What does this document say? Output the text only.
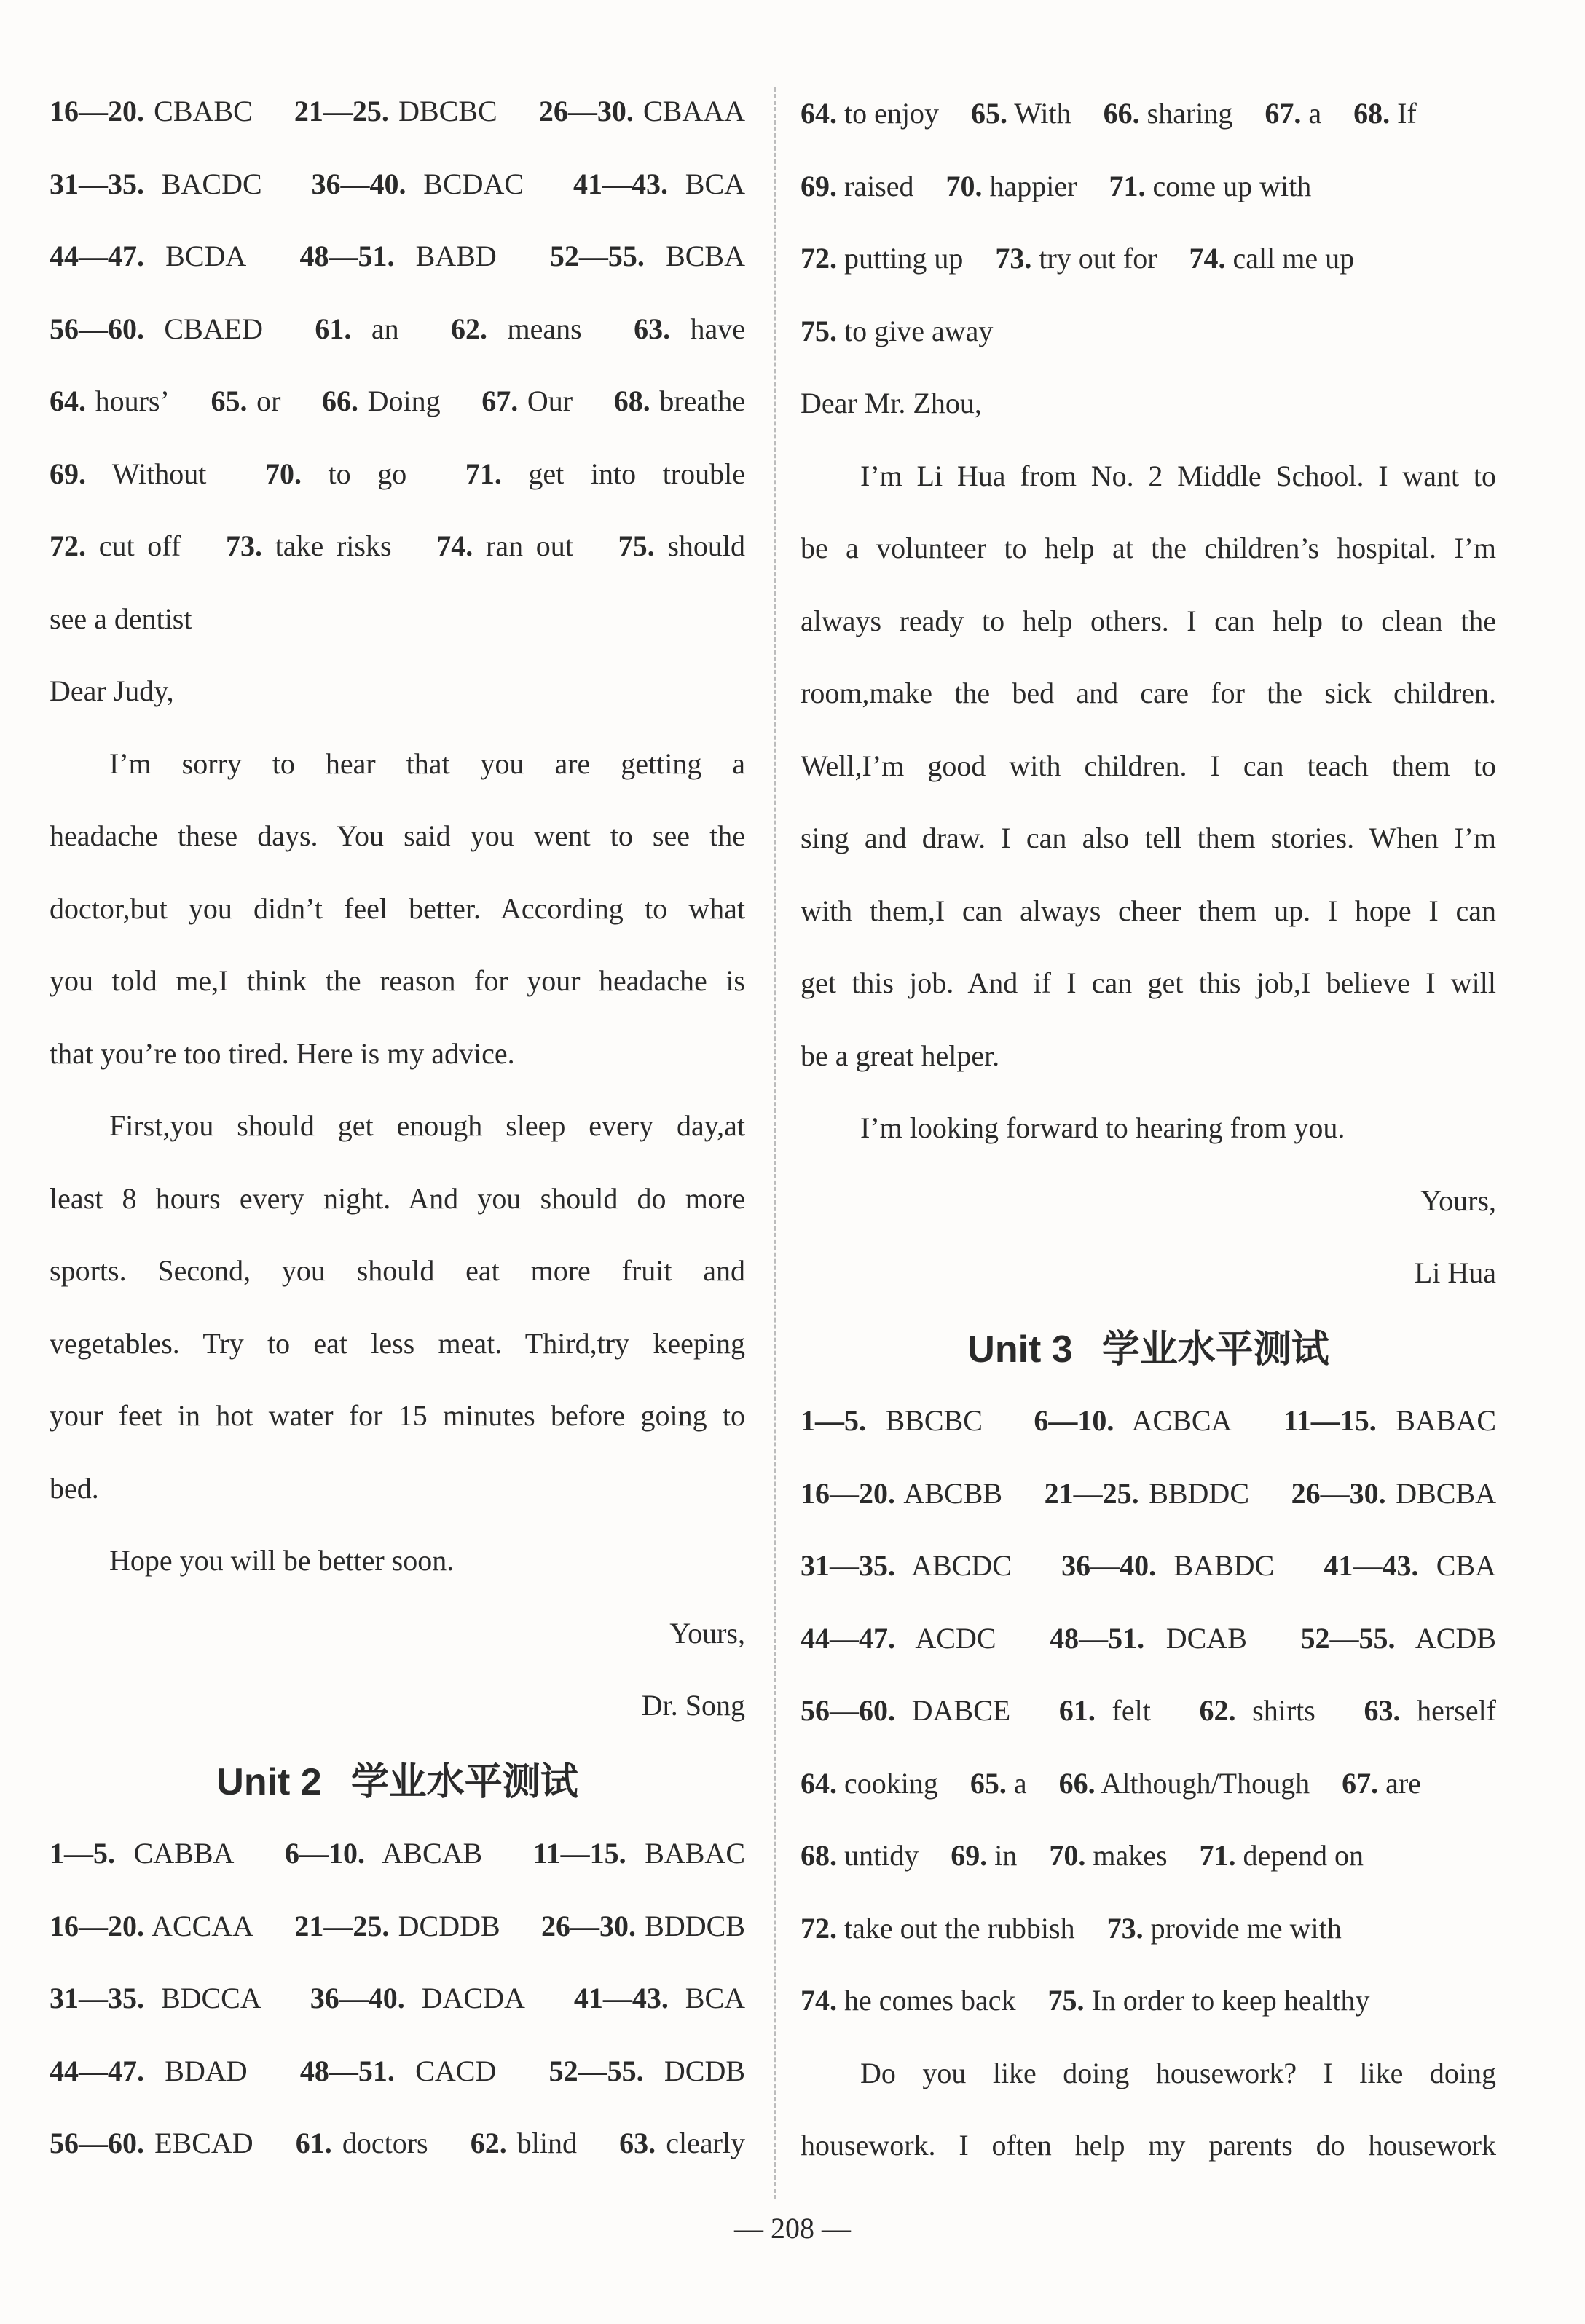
16—20. CBABC 21—25. DBCBC 26—30. CBAAA
31—35. BACDC 36—40. BCDAC 41—43. BCA
44—47. BCDA 48—51. BABD 52—55. BCBA
56—60. CBAED 61. an 62. means 63. have
64. hours’ 65. or 66. Doing 67. Our 68. breathe
69. Without 70. to go 71. get into trouble
72. cut off 73. take risks 74. ran out 75. should
see a dentist
Dear Judy,
I’m sorry to hear that you are getting a
headache these days. You said you went to see the
doctor,but you didn’t feel better. According to what
you told me,I think the reason for your headache is
that you’re too tired. Here is my advice.
First,you should get enough sleep every day,at
least 8 hours every night. And you should do more
sports. Second, you should eat more fruit and
vegetables. Try to eat less meat. Third,try keeping
your feet in hot water for 15 minutes before going to
bed.
Hope you will be better soon.
Yours,
Dr. Song
Unit 2 学业水平测试
1—5. CABBA 6—10. ABCAB 11—15. BABAC
16—20. ACCAA 21—25. DCDDB 26—30. BDDCB
31—35. BDCCA 36—40. DACDA 41—43. BCA
44—47. BDAD 48—51. CACD 52—55. DCDB
56—60. EBCAD 61. doctors 62. blind 63. clearly
64. to enjoy 65. With 66. sharing 67. a 68. If
69. raised 70. happier 71. come up with
72. putting up 73. try out for 74. call me up
75. to give away
Dear Mr. Zhou,
I’m Li Hua from No. 2 Middle School. I want to
be a volunteer to help at the children’s hospital. I’m
always ready to help others. I can help to clean the
room,make the bed and care for the sick children.
Well,I’m good with children. I can teach them to
sing and draw. I can also tell them stories. When I’m
with them,I can always cheer them up. I hope I can
get this job. And if I can get this job,I believe I will
be a great helper.
I’m looking forward to hearing from you.
Yours,
Li Hua
Unit 3 学业水平测试
1—5. BBCBC 6—10. ACBCA 11—15. BABAC
16—20. ABCBB 21—25. BBDDC 26—30. DBCBA
31—35. ABCDC 36—40. BABDC 41—43. CBA
44—47. ACDC 48—51. DCAB 52—55. ACDB
56—60. DABCE 61. felt 62. shirts 63. herself
64. cooking 65. a 66. Although/Though 67. are
68. untidy 69. in 70. makes 71. depend on
72. take out the rubbish 73. provide me with
74. he comes back 75. In order to keep healthy
Do you like doing housework? I like doing
housework. I often help my parents do housework
— 208 —
